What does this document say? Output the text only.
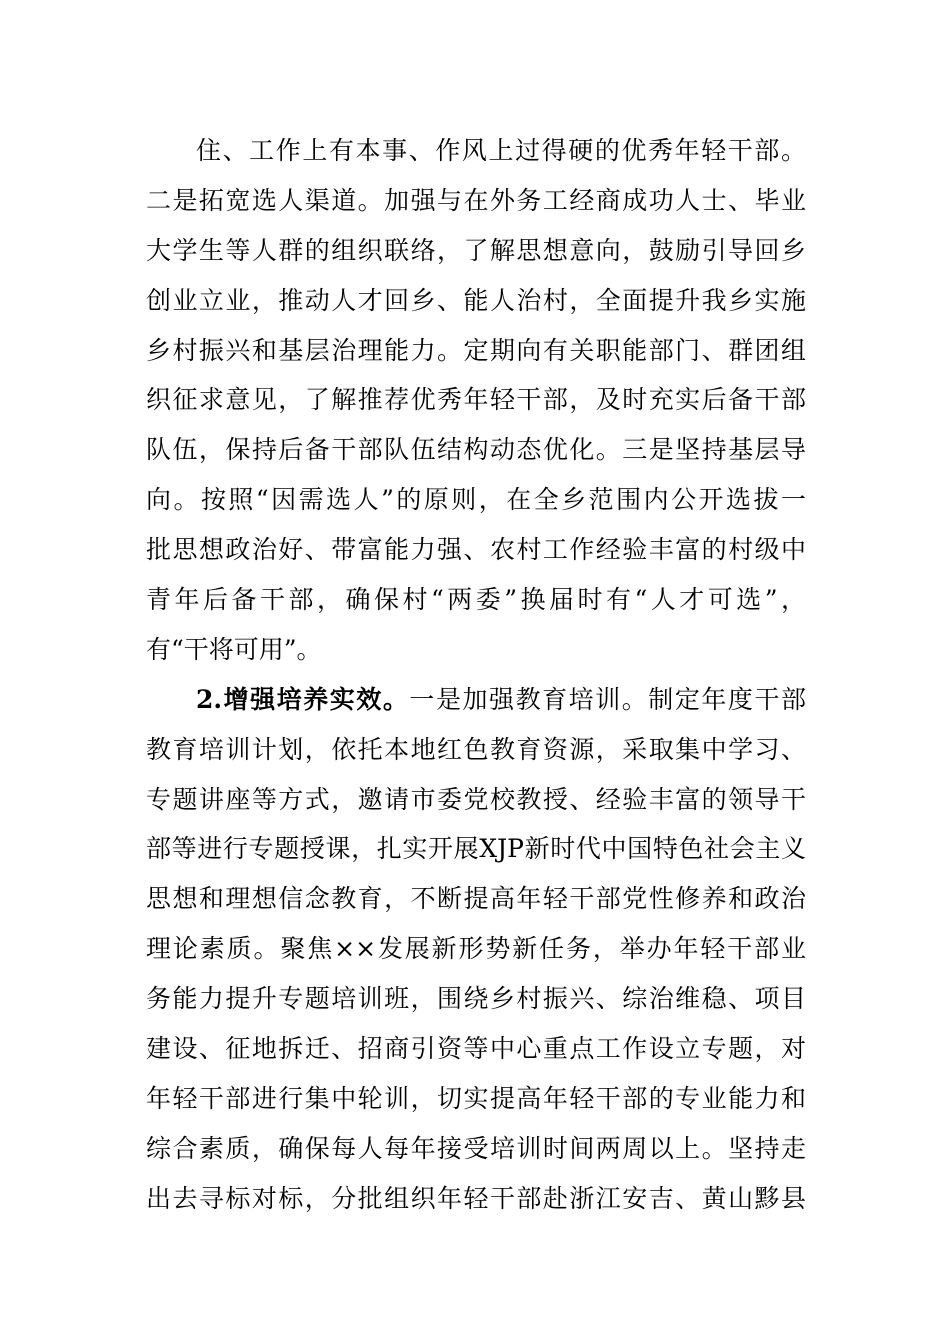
住、工作上有本事、作风上过得硬的优秀年轻干部。
二是拓宽选人渠道。加强与在外务工经商成功人士、毕业
大学生等人群的组织联络，了解思想意向，鼓励引导回乡
创业立业，推动人才回乡、能人治村，全面提升我乡实施
乡村振兴和基层治理能力。定期向有关职能部门、群团组
织征求意见，了解推荐优秀年轻干部，及时充实后备干部
队伍，保持后备干部队伍结构动态优化。三是坚持基层导
向。按照“因需选人”的原则，在全乡范围内公开选拔一
批思想政治好、带富能力强、农村工作经验丰富的村级中
青年后备干部，确保村“两委”换届时有“人才可选”，
有“干将可用”。
2.增强培养实效。一是加强教育培训。制定年度干部
教育培训计划，依托本地红色教育资源，采取集中学习、
专题讲座等方式，邀请市委党校教授、经验丰富的领导干
部等进行专题授课，扎实开展XJP新时代中国特色社会主义
思想和理想信念教育，不断提高年轻干部党性修养和政治
理论素质。聚焦××发展新形势新任务，举办年轻干部业
务能力提升专题培训班，围绕乡村振兴、综治维稳、项目
建设、征地拆迁、招商引资等中心重点工作设立专题，对
年轻干部进行集中轮训，切实提高年轻干部的专业能力和
综合素质，确保每人每年接受培训时间两周以上。坚持走
出去寻标对标，分批组织年轻干部赴浙江安吉、黄山黟县
